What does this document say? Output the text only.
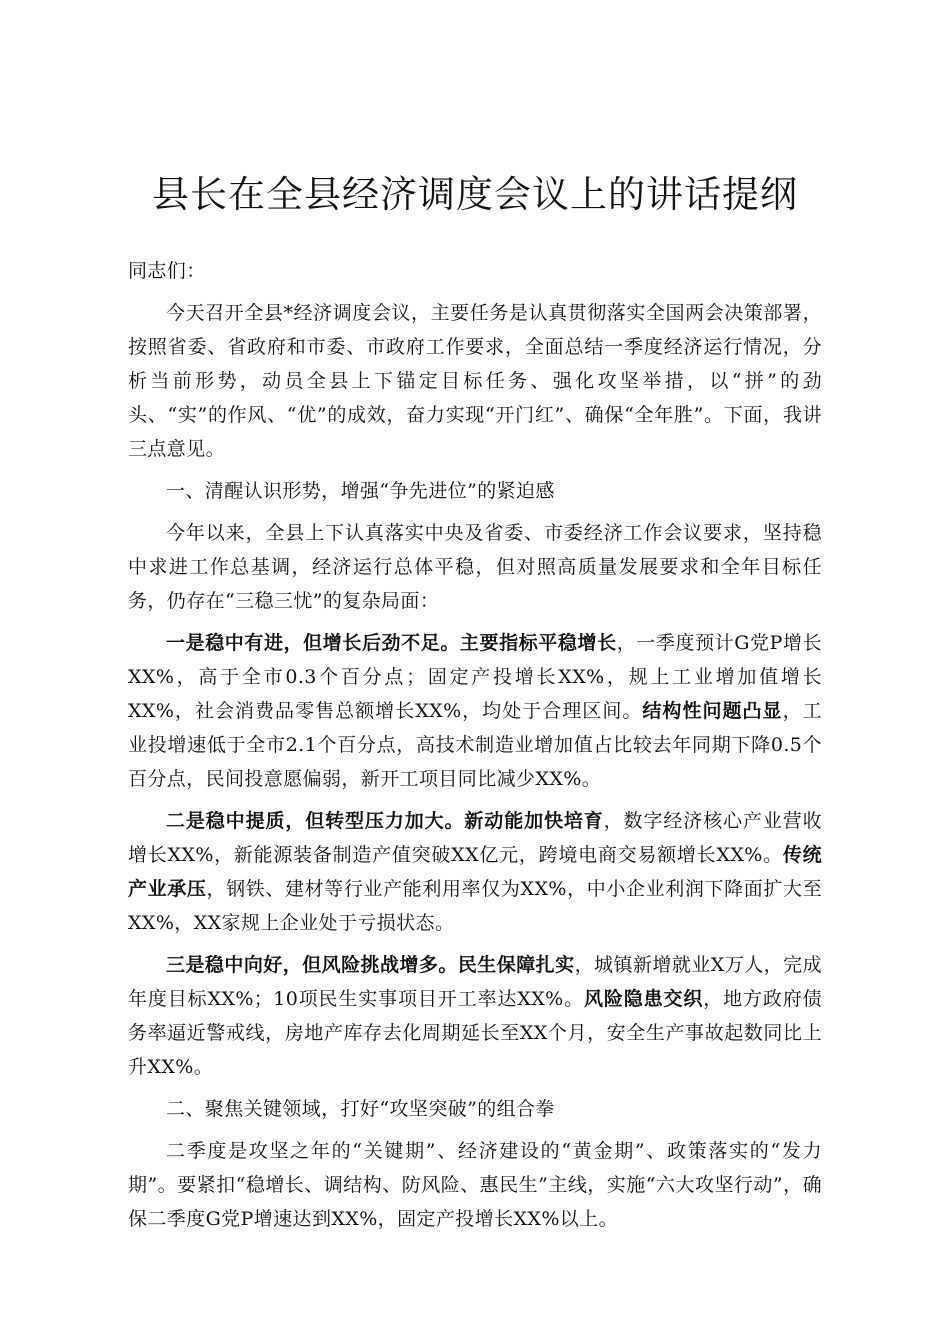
县长在全县经济调度会议上的讲话提纲

同志们：

今天召开全县*经济调度会议，主要任务是认真贯彻落实全国两会决策部署，按照省委、省政府和市委、市政府工作要求，全面总结一季度经济运行情况，分析当前形势，动员全县上下锚定目标任务、强化攻坚举措，以“拼”的劲头、“实”的作风、“优”的成效，奋力实现“开门红”、确保“全年胜”。下面，我讲三点意见。

一、清醒认识形势，增强“争先进位”的紧迫感

今年以来，全县上下认真落实中央及省委、市委经济工作会议要求，坚持稳中求进工作总基调，经济运行总体平稳，但对照高质量发展要求和全年目标任务，仍存在“三稳三忧”的复杂局面：

一是稳中有进，但增长后劲不足。主要指标平稳增长，一季度预计G党P增长XX%，高于全市0.3个百分点；固定产投增长XX%，规上工业增加值增长XX%，社会消费品零售总额增长XX%，均处于合理区间。结构性问题凸显，工业投增速低于全市2.1个百分点，高技术制造业增加值占比较去年同期下降0.5个百分点，民间投意愿偏弱，新开工项目同比减少XX%。

二是稳中提质，但转型压力加大。新动能加快培育，数字经济核心产业营收增长XX%，新能源装备制造产值突破XX亿元，跨境电商交易额增长XX%。传统产业承压，钢铁、建材等行业产能利用率仅为XX%，中小企业利润下降面扩大至XX%，XX家规上企业处于亏损状态。

三是稳中向好，但风险挑战增多。民生保障扎实，城镇新增就业X万人，完成年度目标XX%；10项民生实事项目开工率达XX%。风险隐患交织，地方政府债务率逼近警戒线，房地产库存去化周期延长至XX个月，安全生产事故起数同比上升XX%。

二、聚焦关键领域，打好“攻坚突破”的组合拳

二季度是攻坚之年的“关键期”、经济建设的“黄金期”、政策落实的“发力期”。要紧扣“稳增长、调结构、防风险、惠民生”主线，实施“六大攻坚行动”，确保二季度G党P增速达到XX%，固定产投增长XX%以上。
